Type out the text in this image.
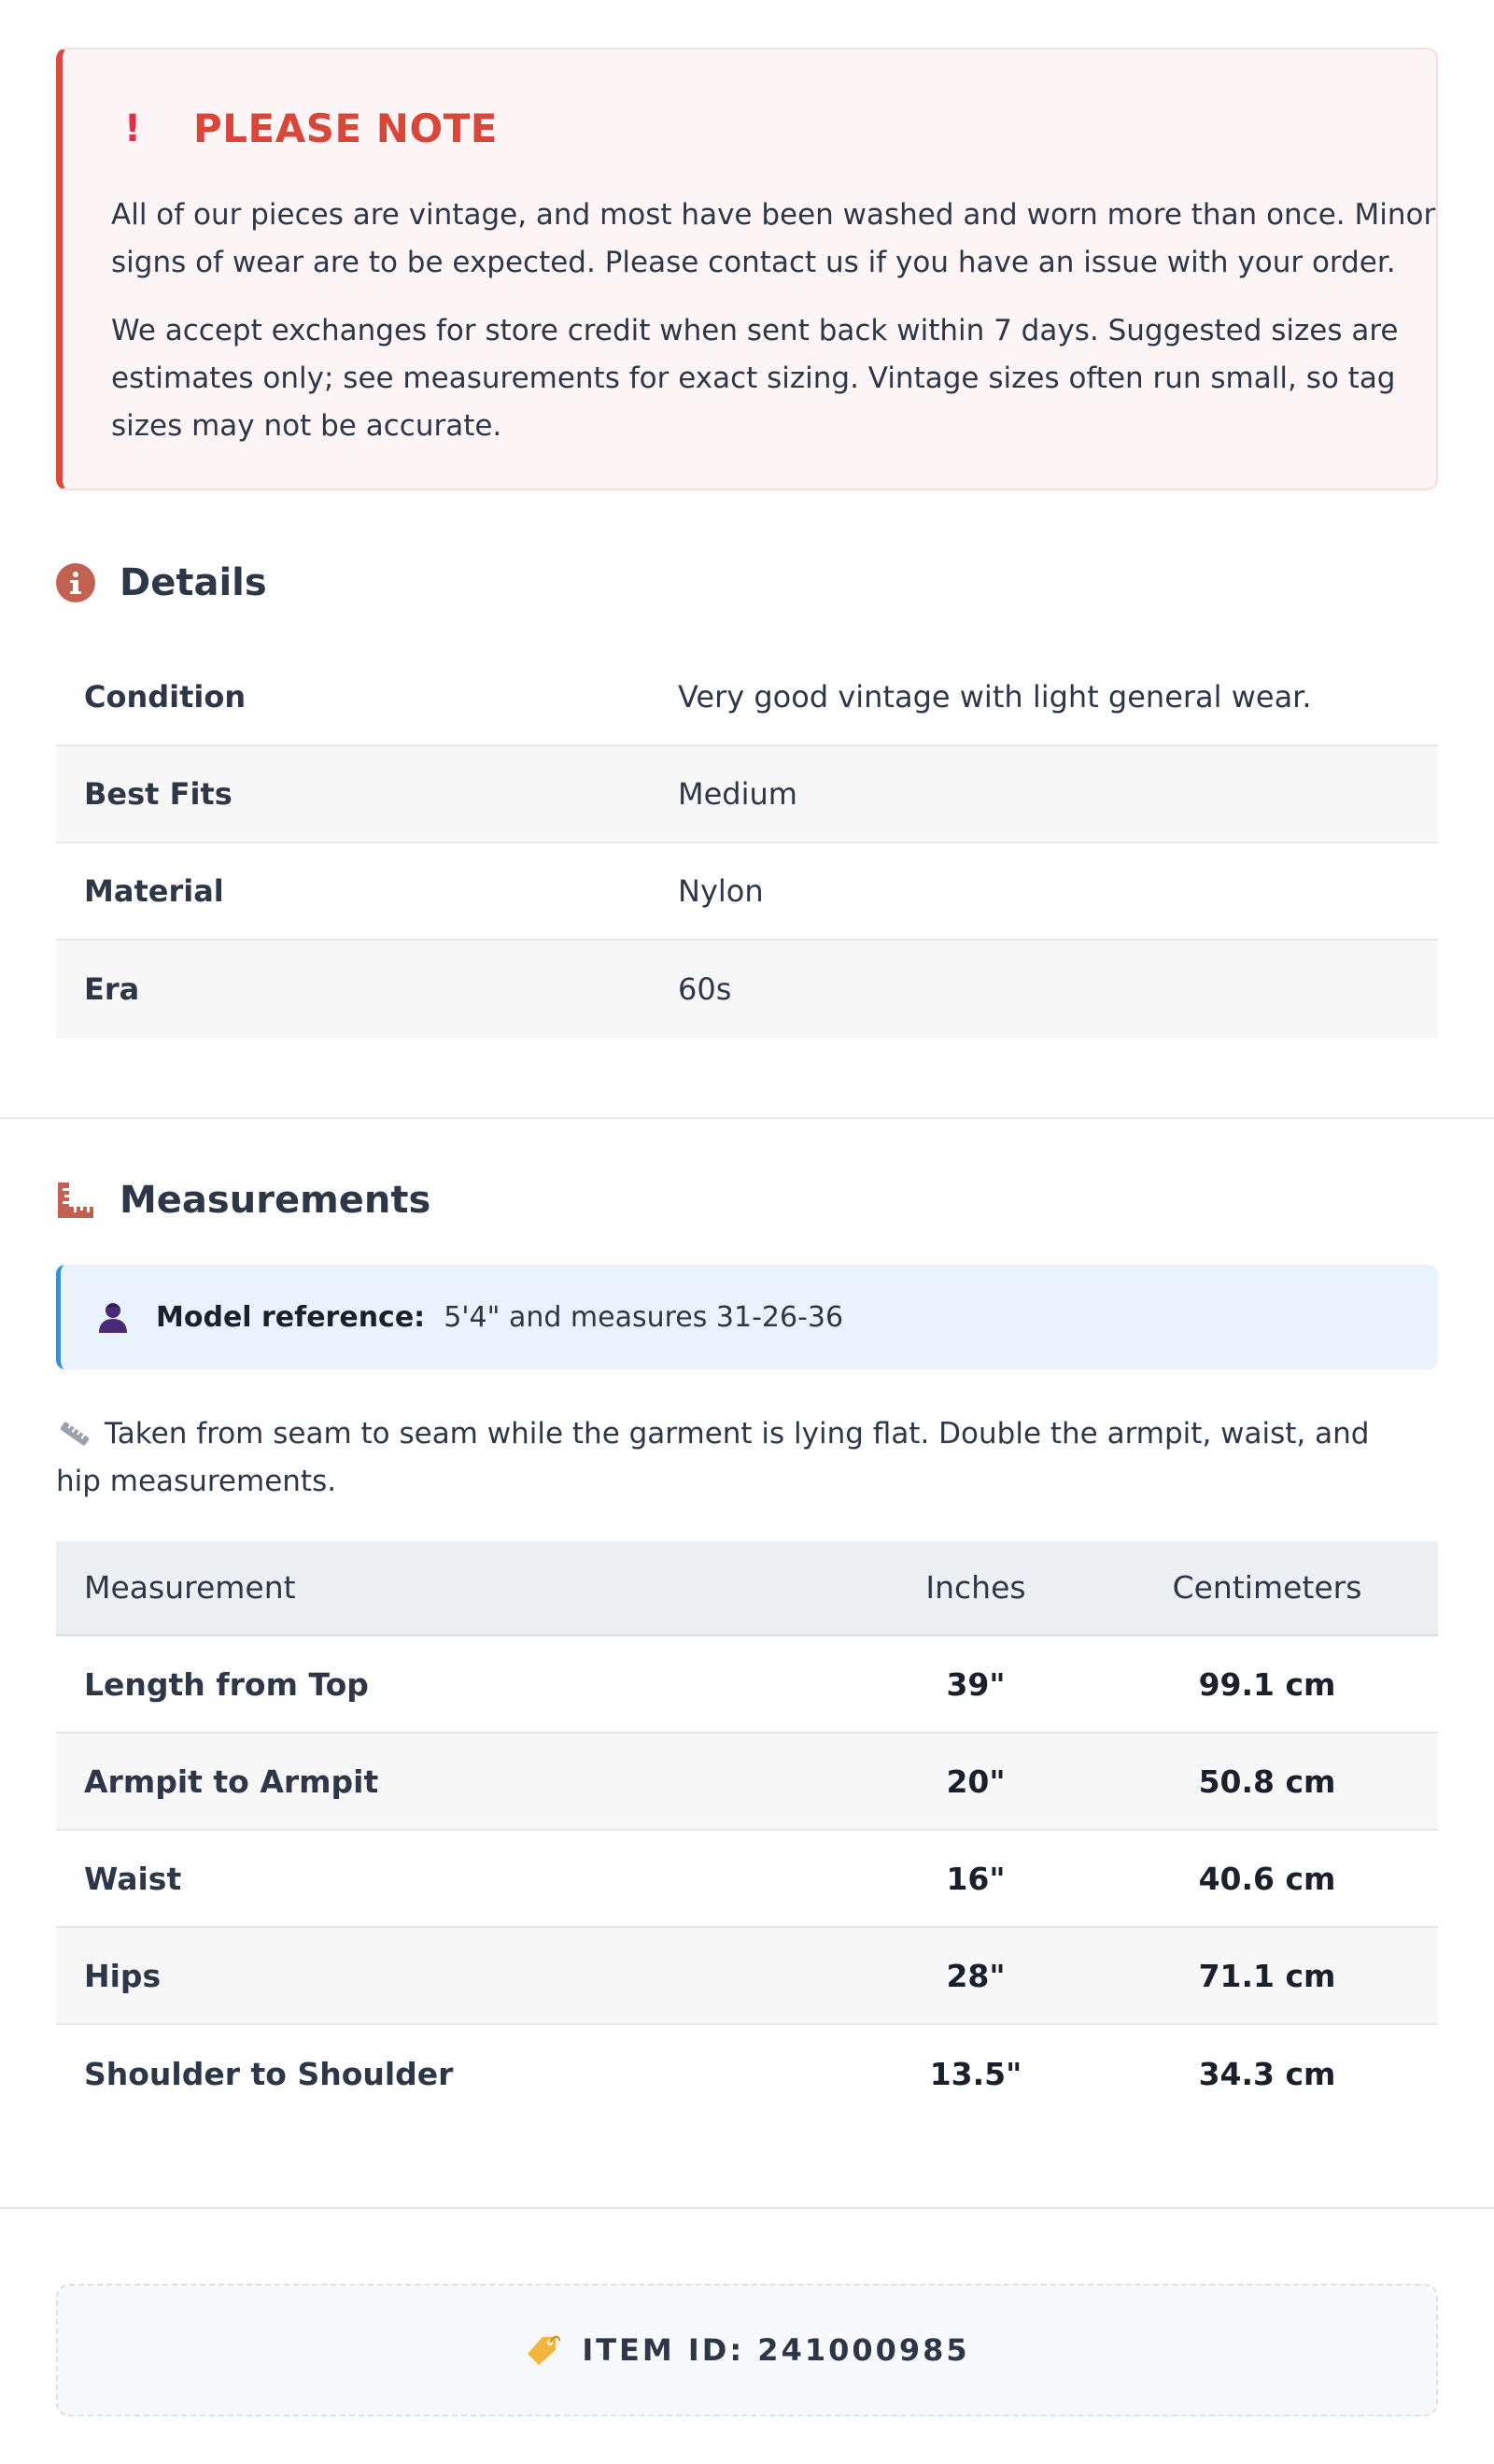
! PLEASE NOTE

All of our pieces are vintage, and most have been washed and worn more than once. Minor signs of wear are to be expected. Please contact us if you have an issue with your order.

We accept exchanges for store credit when sent back within 7 days. Suggested sizes are estimates only; see measurements for exact sizing. Vintage sizes often run small, so tag sizes may not be accurate.

Details
Condition	Very good vintage with light general wear.
Best Fits	Medium
Material	Nylon
Era	60s
Measurements
Model reference: 5'4" and measures 31-26-36

Taken from seam to seam while the garment is lying flat. Double the armpit, waist, and hip measurements.

Measurement	Inches	Centimeters
Length from Top	39"	99.1 cm
Armpit to Armpit	20"	50.8 cm
Waist	16"	40.6 cm
Hips	28"	71.1 cm
Shoulder to Shoulder	13.5"	34.3 cm
ITEM ID: 241000985
